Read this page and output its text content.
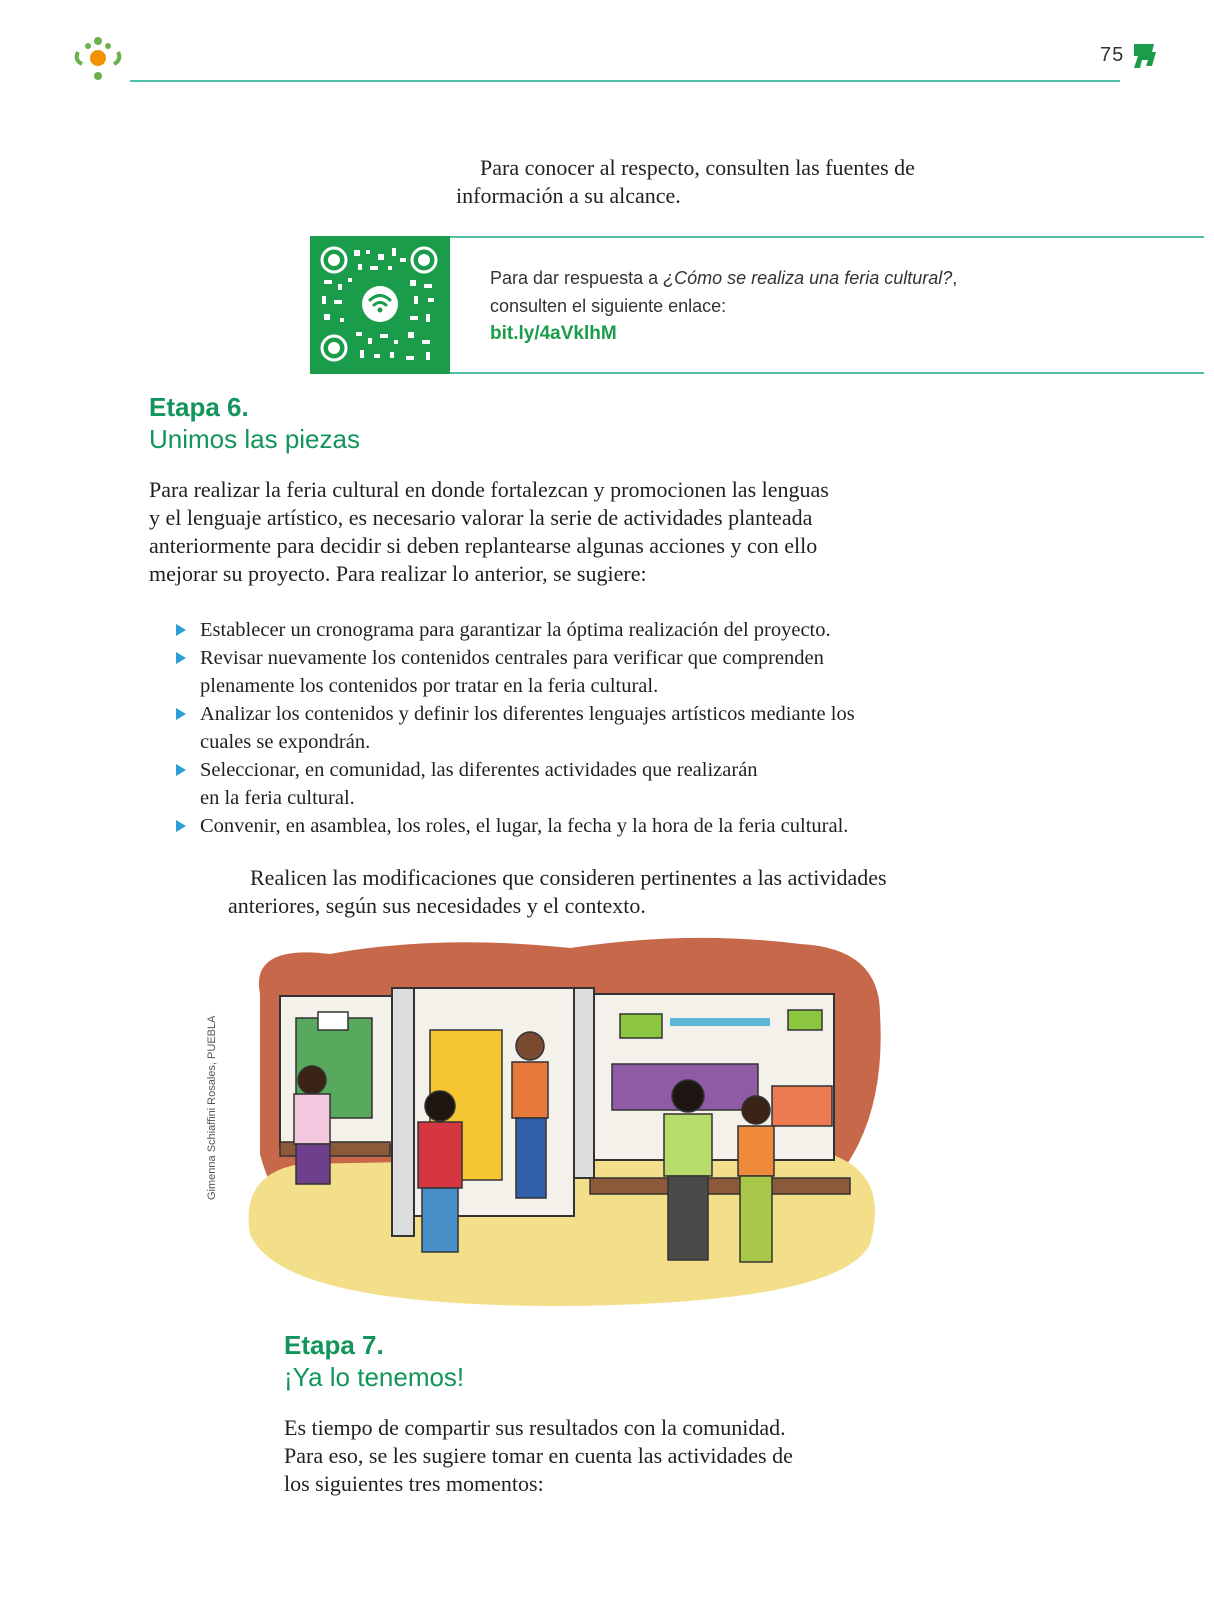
75
Para conocer al respecto, consulten las fuentes de información a su alcance.
Para dar respuesta a ¿Cómo se realiza una feria cultural?,
consulten el siguiente enlace:
bit.ly/4aVklhM
Etapa 6.
Unimos las piezas
Para realizar la feria cultural en donde fortalezcan y promocionen las lenguas y el lenguaje artístico, es necesario valorar la serie de actividades planteada anteriormente para decidir si deben replantearse algunas acciones y con ello mejorar su proyecto. Para realizar lo anterior, se sugiere:
Establecer un cronograma para garantizar la óptima realización del proyecto.
Revisar nuevamente los contenidos centrales para verificar que comprenden plenamente los contenidos por tratar en la feria cultural.
Analizar los contenidos y definir los diferentes lenguajes artísticos mediante los cuales se expondrán.
Seleccionar, en comunidad, las diferentes actividades que realizarán en la feria cultural.
Convenir, en asamblea, los roles, el lugar, la fecha y la hora de la feria cultural.
Realicen las modificaciones que consideren pertinentes a las actividades anteriores, según sus necesidades y el contexto.
Gimenna Schiaffini Rosales, PUEBLA
Etapa 7.
¡Ya lo tenemos!
Es tiempo de compartir sus resultados con la comunidad. Para eso, se les sugiere tomar en cuenta las actividades de los siguientes tres momentos:
